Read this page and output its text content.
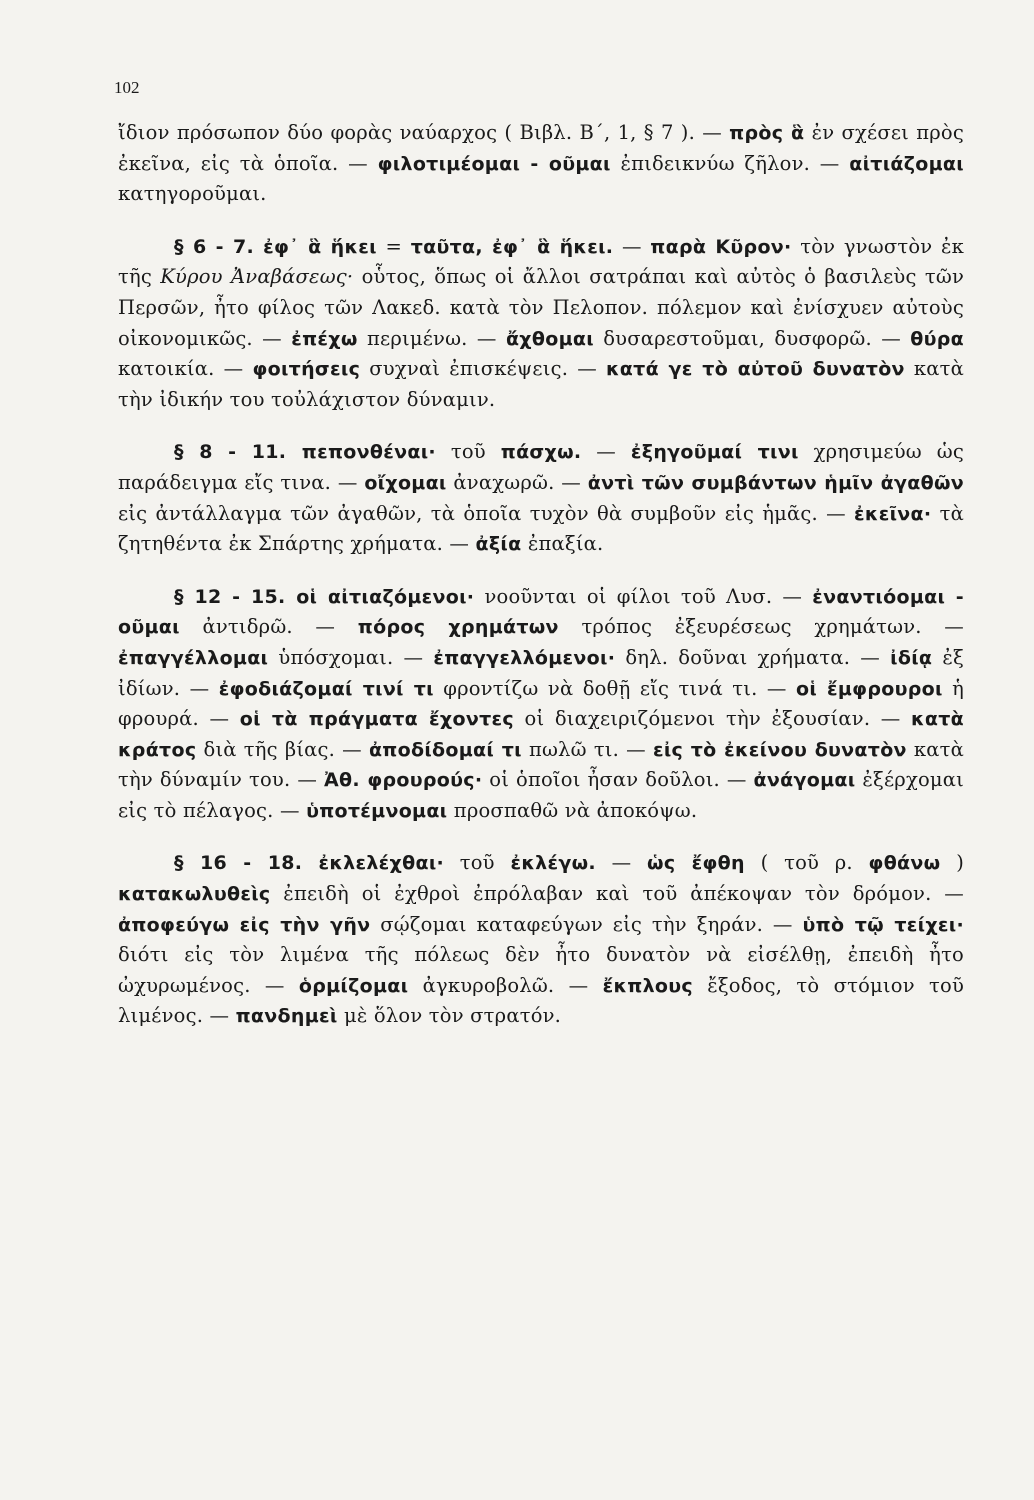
102

ἴδιον πρόσωπον δύο φορὰς ναύαρχος ( Βιβλ. Β΄, 1, § 7 ). — πρὸς ἃ ἐν σχέσει πρὸς ἐκεῖνα, εἰς τὰ ὁποῖα. — φιλοτιμέομαι - οῦμαι ἐπιδεικνύω ζῆλον. — αἰτιάζομαι κατηγοροῦμαι.

§ 6 - 7. ἐφ᾽ ἃ ἥκει = ταῦτα, ἐφ᾽ ἃ ἥκει. — παρὰ Κῦρον· τὸν γνωστὸν ἐκ τῆς Κύρου Ἀναβάσεως· οὗτος, ὅπως οἱ ἄλλοι σατράπαι καὶ αὐτὸς ὁ βασιλεὺς τῶν Περσῶν, ἦτο φίλος τῶν Λακεδ. κατὰ τὸν Πελοπον. πόλεμον καὶ ἐνίσχυεν αὐτοὺς οἰκονομικῶς. — ἐπέχω περιμένω. — ἄχθομαι δυσαρεστοῦμαι, δυσφορῶ. — θύρα κατοικία. — φοιτήσεις συχναὶ ἐπισκέψεις. — κατά γε τὸ αὐτοῦ δυνατὸν κατὰ τὴν ἰδικήν του τοὐλάχιστον δύναμιν.

§ 8 - 11. πεπονθέναι· τοῦ πάσχω. — ἐξηγοῦμαί τινι χρησιμεύω ὡς παράδειγμα εἴς τινα. — οἴχομαι ἀναχωρῶ. — ἀντὶ τῶν συμβάντων ἡμῖν ἀγαθῶν εἰς ἀντάλλαγμα τῶν ἀγαθῶν, τὰ ὁποῖα τυχὸν θὰ συμβοῦν εἰς ἡμᾶς. — ἐκεῖνα· τὰ ζητηθέντα ἐκ Σπάρτης χρήματα. — ἀξία ἐπαξία.

§ 12 - 15. οἱ αἰτιαζόμενοι· νοοῦνται οἱ φίλοι τοῦ Λυσ. — ἐναντιόομαι - οῦμαι ἀντιδρῶ. — πόρος χρημάτων τρόπος ἐξευρέσεως χρημάτων. — ἐπαγγέλλομαι ὑπόσχομαι. — ἐπαγγελλόμενοι· δηλ. δοῦναι χρήματα. — ἰδίᾳ ἐξ ἰδίων. — ἐφοδιάζομαί τινί τι φροντίζω νὰ δοθῇ εἴς τινά τι. — οἱ ἔμφρουροι ἡ φρουρά. — οἱ τὰ πράγματα ἔχοντες οἱ διαχειριζόμενοι τὴν ἐξουσίαν. — κατὰ κράτος διὰ τῆς βίας. — ἀποδίδομαί τι πωλῶ τι. — εἰς τὸ ἐκείνου δυνατὸν κατὰ τὴν δύναμίν του. — Ἀθ. φρουρούς· οἱ ὁποῖοι ἦσαν δοῦλοι. — ἀνάγομαι ἐξέρχομαι εἰς τὸ πέλαγος. — ὑποτέμνομαι προσπαθῶ νὰ ἀποκόψω.

§ 16 - 18. ἐκλελέχθαι· τοῦ ἐκλέγω. — ὡς ἔφθη ( τοῦ ρ. φθάνω ) κατακωλυθεὶς ἐπειδὴ οἱ ἐχθροὶ ἐπρόλαβαν καὶ τοῦ ἀπέκοψαν τὸν δρόμον. — ἀποφεύγω εἰς τὴν γῆν σῴζομαι καταφεύγων εἰς τὴν ξηράν. — ὑπὸ τῷ τείχει· διότι εἰς τὸν λιμένα τῆς πόλεως δὲν ἦτο δυνατὸν νὰ εἰσέλθῃ, ἐπειδὴ ἦτο ὠχυρωμένος. — ὁρμίζομαι ἀγκυροβολῶ. — ἔκπλους ἔξοδος, τὸ στόμιον τοῦ λιμένος. — πανδημεὶ μὲ ὅλον τὸν στρατόν.
